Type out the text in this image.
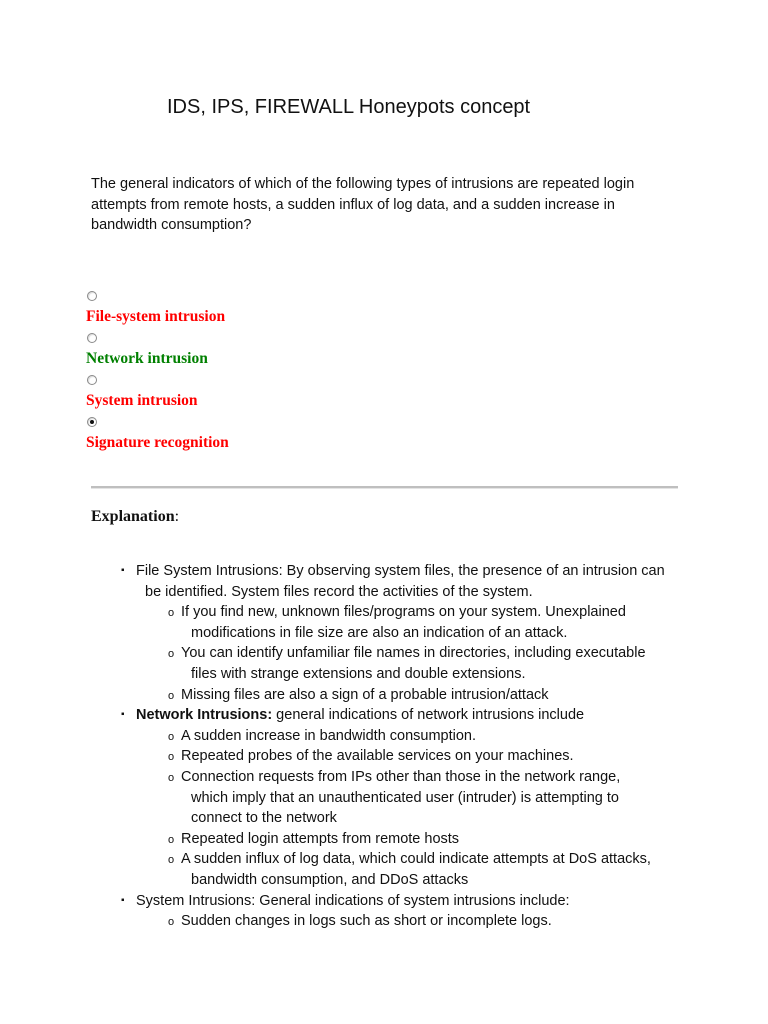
IDS, IPS, FIREWALL Honeypots concept
The general indicators of which of the following types of intrusions are repeated login attempts from remote hosts, a sudden influx of log data, and a sudden increase in bandwidth consumption?
File-system intrusion
Network intrusion
System intrusion
Signature recognition
Explanation:
▪ File System Intrusions: By observing system files, the presence of an intrusion can
be identified. System files record the activities of the system.
o If you find new, unknown files/programs on your system. Unexplained
modifications in file size are also an indication of an attack.
o You can identify unfamiliar file names in directories, including executable
files with strange extensions and double extensions.
o Missing files are also a sign of a probable intrusion/attack
▪ Network Intrusions: general indications of network intrusions include
o A sudden increase in bandwidth consumption.
o Repeated probes of the available services on your machines.
o Connection requests from IPs other than those in the network range,
which imply that an unauthenticated user (intruder) is attempting to
connect to the network
o Repeated login attempts from remote hosts
o A sudden influx of log data, which could indicate attempts at DoS attacks,
bandwidth consumption, and DDoS attacks
▪ System Intrusions: General indications of system intrusions include:
o Sudden changes in logs such as short or incomplete logs.
